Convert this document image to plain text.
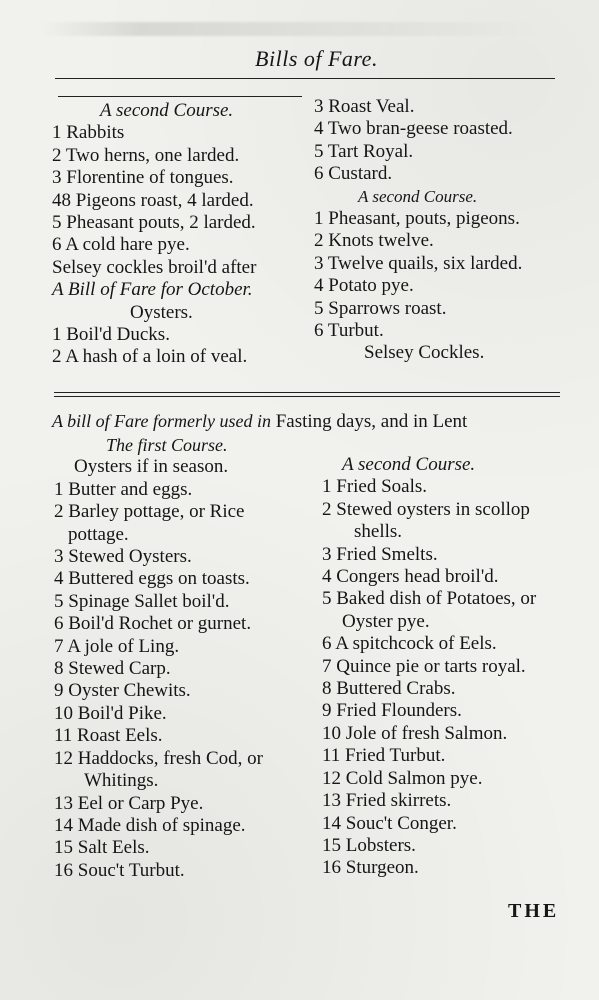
Bills of Fare.
A second Course.
1 Rabbits
2 Two herns, one larded.
3 Florentine of tongues.
48 Pigeons roast, 4 larded.
5 Pheasant pouts, 2 larded.
6 A cold hare pye.
Selsey cockles broil'd after
A Bill of Fare for October.
Oysters.
1 Boil'd Ducks.
2 A hash of a loin of veal.
3 Roast Veal.
4 Two bran-geese roasted.
5 Tart Royal.
6 Custard.
A second Course.
1 Pheasant, pouts, pigeons.
2 Knots twelve.
3 Twelve quails, six larded.
4 Potato pye.
5 Sparrows roast.
6 Turbut.
Selsey Cockles.
A bill of Fare formerly used in Fasting days, and in Lent
The first Course.
Oysters if in season.
1 Butter and eggs.
2 Barley pottage, or Rice
pottage.
3 Stewed Oysters.
4 Buttered eggs on toasts.
5 Spinage Sallet boil'd.
6 Boil'd Rochet or gurnet.
7 A jole of Ling.
8 Stewed Carp.
9 Oyster Chewits.
10 Boil'd Pike.
11 Roast Eels.
12 Haddocks, fresh Cod, or
Whitings.
13 Eel or Carp Pye.
14 Made dish of spinage.
15 Salt Eels.
16 Souc't Turbut.
A second Course.
1 Fried Soals.
2 Stewed oysters in scollop
shells.
3 Fried Smelts.
4 Congers head broil'd.
5 Baked dish of Potatoes, or
Oyster pye.
6 A spitchcock of Eels.
7 Quince pie or tarts royal.
8 Buttered Crabs.
9 Fried Flounders.
10 Jole of fresh Salmon.
11 Fried Turbut.
12 Cold Salmon pye.
13 Fried skirrets.
14 Souc't Conger.
15 Lobsters.
16 Sturgeon.
THE
